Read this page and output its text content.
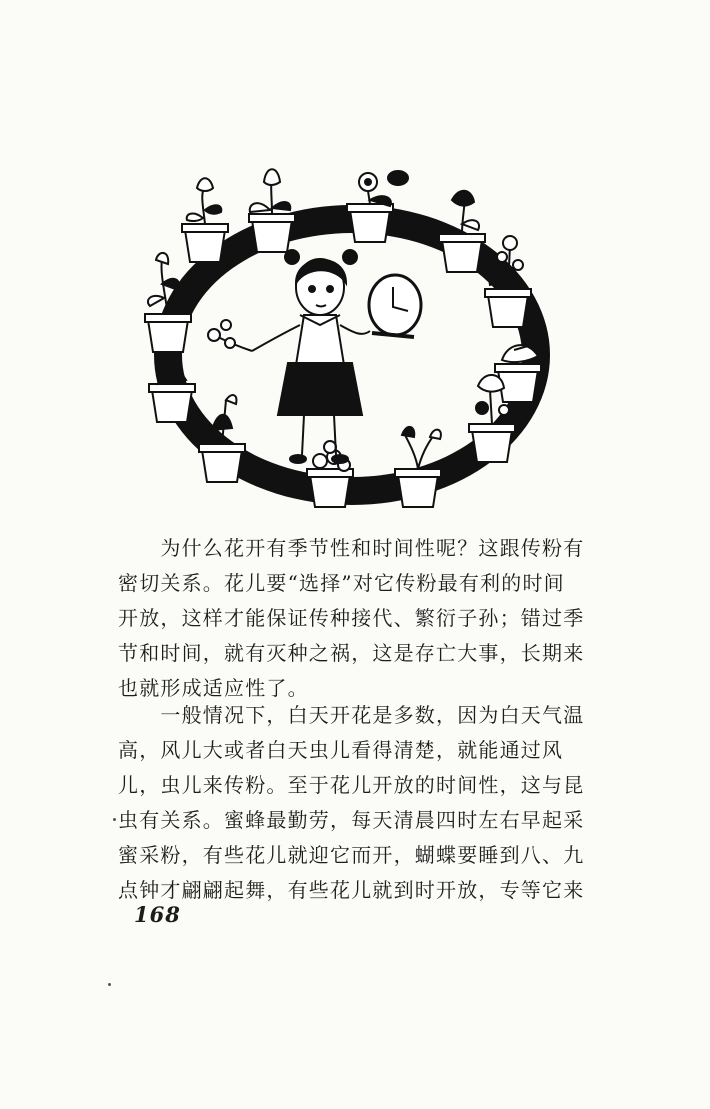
　　为什么花开有季节性和时间性呢？这跟传粉有
密切关系。花儿要“选择”对它传粉最有利的时间
开放，这样才能保证传种接代、繁衍子孙；错过季
节和时间，就有灭种之祸，这是存亡大事，长期来
也就形成适应性了。

　　一般情况下，白天开花是多数，因为白天气温
高，风儿大或者白天虫儿看得清楚，就能通过风
儿，虫儿来传粉。至于花儿开放的时间性，这与昆
虫有关系。蜜蜂最勤劳，每天清晨四时左右早起采
蜜采粉，有些花儿就迎它而开，蝴蝶要睡到八、九
点钟才翩翩起舞，有些花儿就到时开放，专等它来

168
